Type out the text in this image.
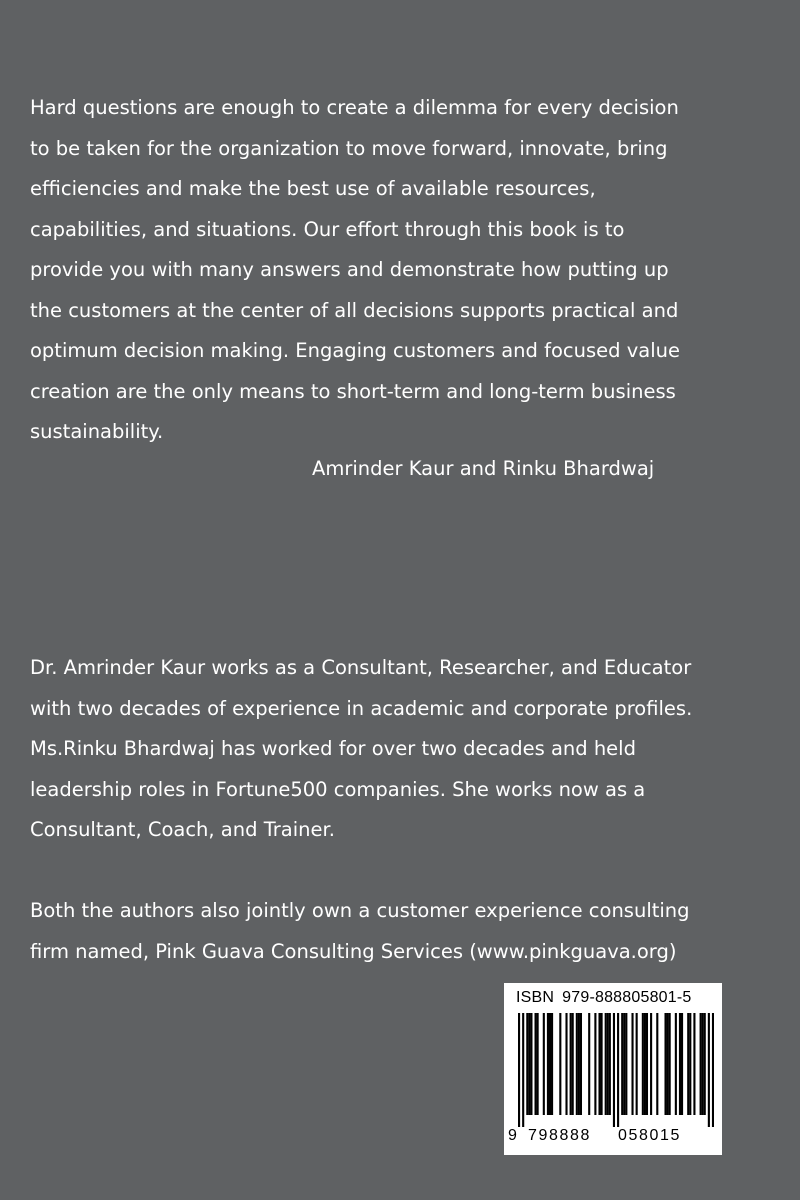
Hard questions are enough to create a dilemma for every decision
to be taken for the organization to move forward, innovate, bring
efficiencies and make the best use of available resources,
capabilities, and situations. Our effort through this book is to
provide you with many answers and demonstrate how putting up
the customers at the center of all decisions supports practical and
optimum decision making. Engaging customers and focused value
creation are the only means to short-term and long-term business
sustainability.
Amrinder Kaur and Rinku Bhardwaj
Dr. Amrinder Kaur works as a Consultant, Researcher, and Educator
with two decades of experience in academic and corporate profiles.
Ms.Rinku Bhardwaj has worked for over two decades and held
leadership roles in Fortune500 companies. She works now as a
Consultant, Coach, and Trainer.
Both the authors also jointly own a customer experience consulting
firm named, Pink Guava Consulting Services (www.pinkguava.org)
ISBN 979-888805801-5
9 798888 058015
